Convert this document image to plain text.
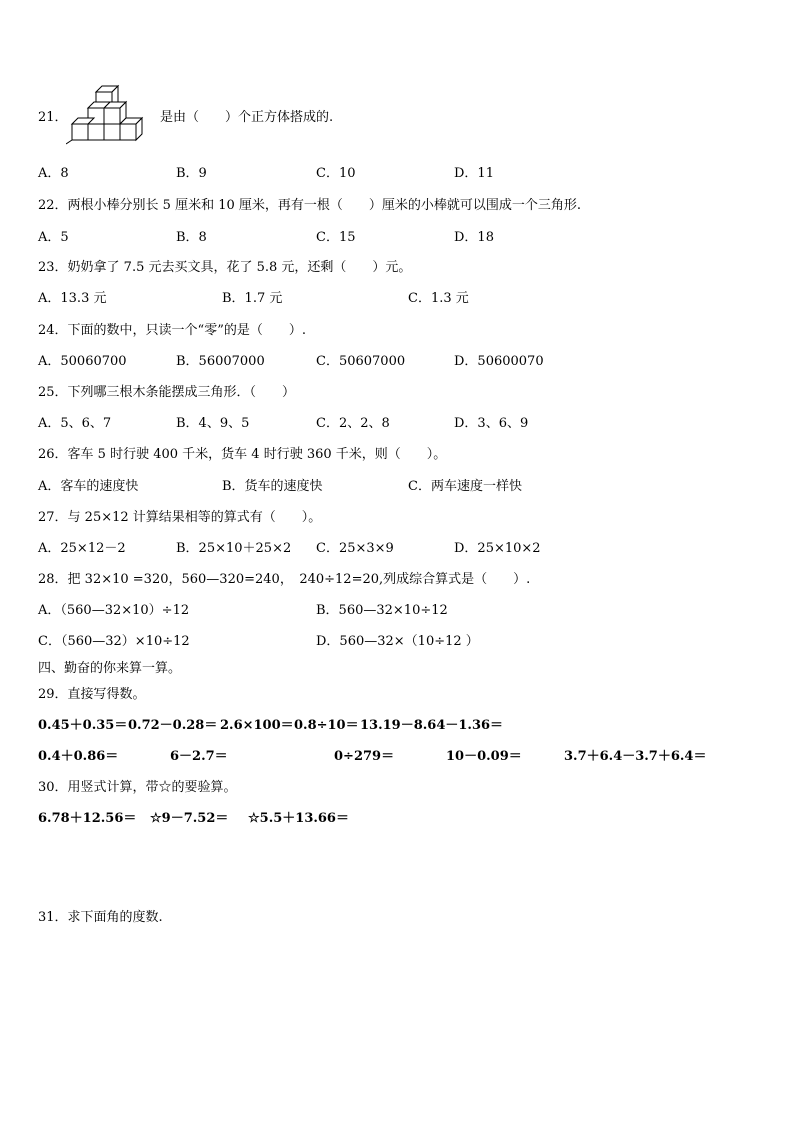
21．	是由（　　）个正方体搭成的.
A．8	B．9	C．10	D．11
22．两根小棒分别长 5 厘米和 10 厘米，再有一根（　　）厘米的小棒就可以围成一个三角形.
A．5	B．8	C．15	D．18
23．奶奶拿了 7.5 元去买文具，花了 5.8 元，还剩（　　）元。
A．13.3 元	B．1.7 元	C．1.3 元
24．下面的数中，只读一个“零”的是（　　）.
A．50060700	B．56007000	C．50607000	D．50600070
25．下列哪三根木条能摆成三角形．（　　）
A．5、6、7	B．4、9、5	C．2、2、8	D．3、6、9
26．客车 5 时行驶 400 千米，货车 4 时行驶 360 千米，则（　　）。
A．客车的速度快	B．货车的速度快	C．两车速度一样快
27．与 25×12 计算结果相等的算式有（　　）。
A．25×12－2	B．25×10＋25×2 C．25×3×9	D．25×10×2
28．把 32×10 =320，560—320=240，　240÷12=20,列成综合算式是（　　）.
A．（560—32×10）÷12	B．560—32×10÷12
C．（560—32）×10÷12	D．560—32×（10÷12 ）
四、勤奋的你来算一算。
29．直接写得数。
0.45＋0.35＝ 0.72－0.28＝ 2.6×100＝ 0.8÷10＝ 13.19－8.64－1.36＝
0.4＋0.86＝	6－2.7＝	0÷279＝	10－0.09＝	3.7＋6.4－3.7＋6.4＝
30．用竖式计算，带☆的要验算。
6.78＋12.56＝ ☆9－7.52＝ ☆5.5＋13.66＝
31．求下面角的度数.
